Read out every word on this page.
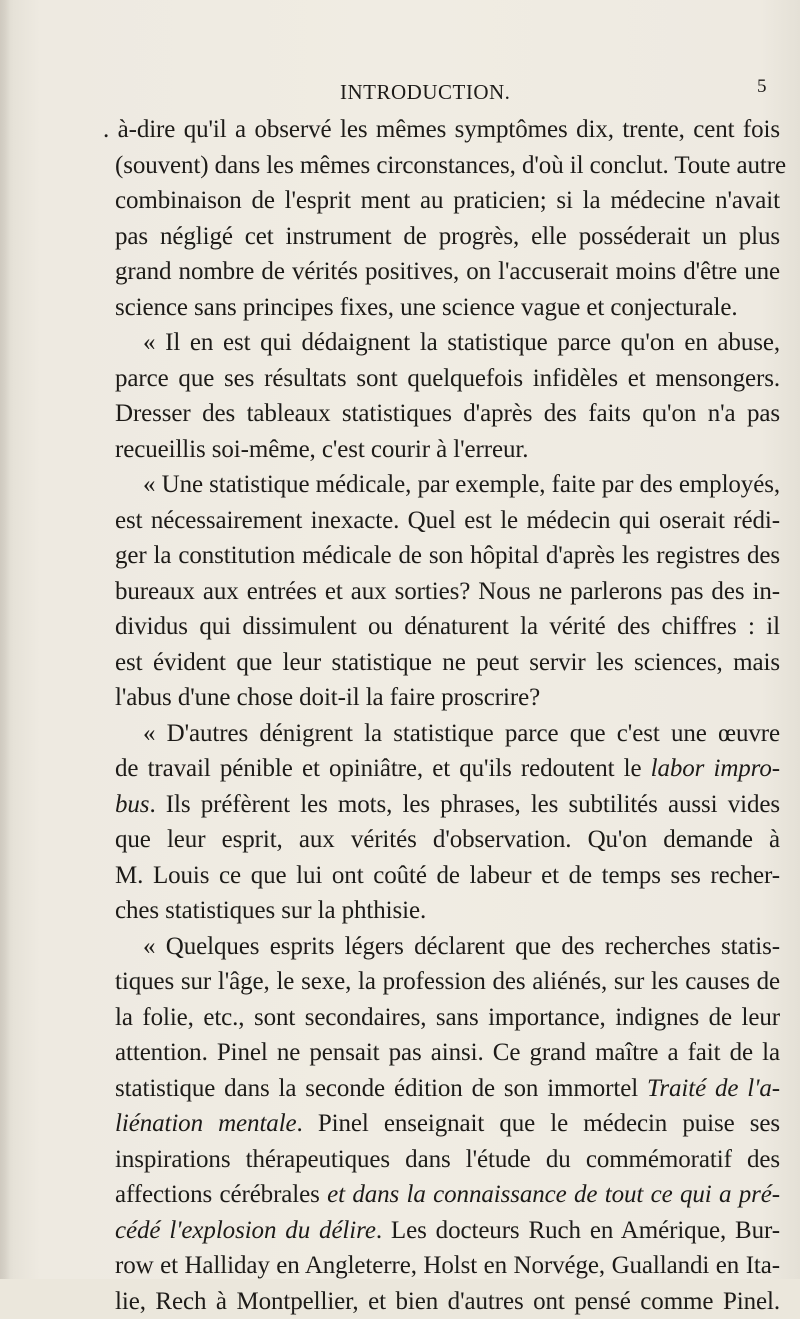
INTRODUCTION.	5
. à-dire qu'il a observé les mêmes symptômes dix, trente, cent fois
(souvent) dans les mêmes circonstances, d'où il conclut. Toute autre
combinaison de l'esprit ment au praticien; si la médecine n'avait
pas négligé cet instrument de progrès, elle posséderait un plus
grand nombre de vérités positives, on l'accuserait moins d'être une
science sans principes fixes, une science vague et conjecturale.
« Il en est qui dédaignent la statistique parce qu'on en abuse,
parce que ses résultats sont quelquefois infidèles et mensongers.
Dresser des tableaux statistiques d'après des faits qu'on n'a pas
recueillis soi-même, c'est courir à l'erreur.
« Une statistique médicale, par exemple, faite par des employés,
est nécessairement inexacte. Quel est le médecin qui oserait rédi-
ger la constitution médicale de son hôpital d'après les registres des
bureaux aux entrées et aux sorties? Nous ne parlerons pas des in-
dividus qui dissimulent ou dénaturent la vérité des chiffres : il
est évident que leur statistique ne peut servir les sciences, mais
l'abus d'une chose doit-il la faire proscrire?
« D'autres dénigrent la statistique parce que c'est une œuvre
de travail pénible et opiniâtre, et qu'ils redoutent le labor impro-
bus. Ils préfèrent les mots, les phrases, les subtilités aussi vides
que leur esprit, aux vérités d'observation. Qu'on demande à
M. Louis ce que lui ont coûté de labeur et de temps ses recher-
ches statistiques sur la phthisie.
« Quelques esprits légers déclarent que des recherches statis-
tiques sur l'âge, le sexe, la profession des aliénés, sur les causes de
la folie, etc., sont secondaires, sans importance, indignes de leur
attention. Pinel ne pensait pas ainsi. Ce grand maître a fait de la
statistique dans la seconde édition de son immortel Traité de l'a-
liénation mentale. Pinel enseignait que le médecin puise ses
inspirations thérapeutiques dans l'étude du commémoratif des
affections cérébrales et dans la connaissance de tout ce qui a pré-
cédé l'explosion du délire. Les docteurs Ruch en Amérique, Bur-
row et Halliday en Angleterre, Holst en Norvége, Guallandi en Ita-
lie, Rech à Montpellier, et bien d'autres ont pensé comme Pinel.
